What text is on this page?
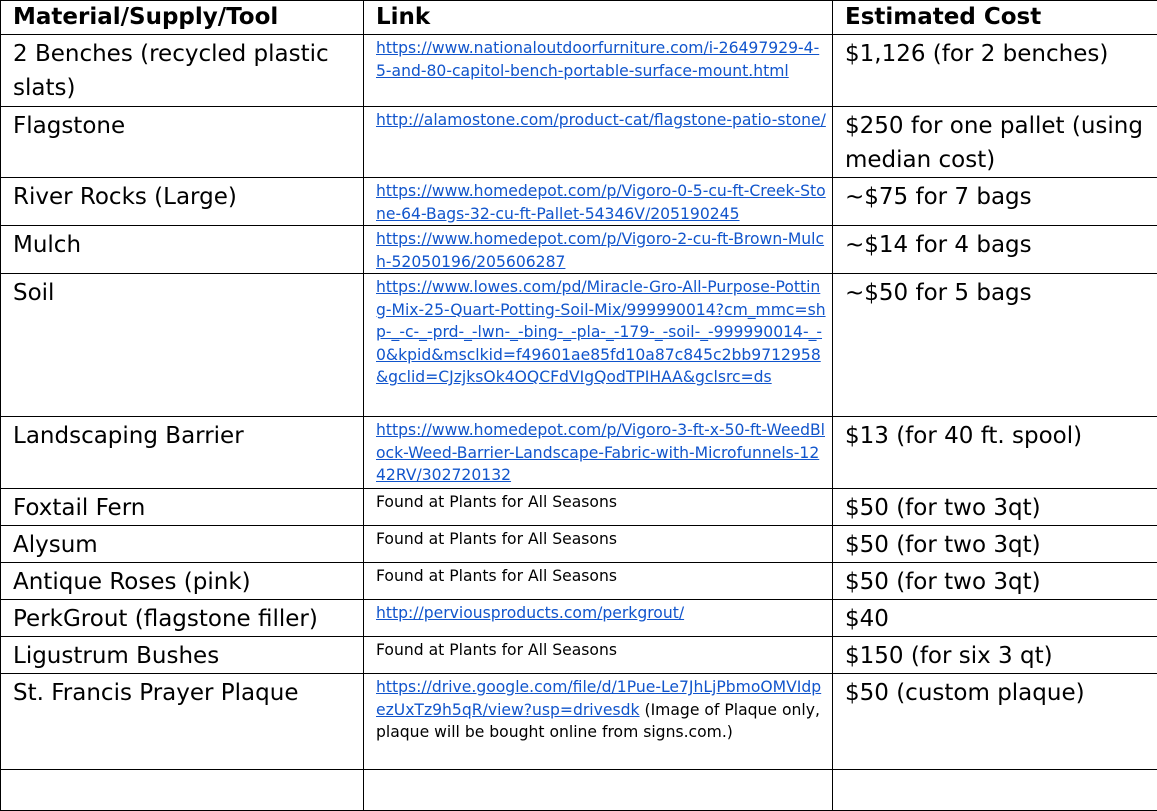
Material/Supply/Tool	Link	Estimated Cost
2 Benches (recycled plastic slats)	https://www.nationaloutdoorfurniture.com/i-26497929-4-5-and-80-capitol-bench-portable-surface-mount.html	$1,126 (for 2 benches)
Flagstone	http://alamostone.com/product-cat/flagstone-patio-stone/	$250 for one pallet (using median cost)
River Rocks (Large)	https://www.homedepot.com/p/Vigoro-0-5-cu-ft-Creek-Stone-64-Bags-32-cu-ft-Pallet-54346V/205190245	~$75 for 7 bags
Mulch	https://www.homedepot.com/p/Vigoro-2-cu-ft-Brown-Mulch-52050196/205606287	~$14 for 4 bags
Soil	https://www.lowes.com/pd/Miracle-Gro-All-Purpose-Potting-Mix-25-Quart-Potting-Soil-Mix/999990014?cm_mmc=shp-_-c-_-prd-_-lwn-_-bing-_-pla-_-179-_-soil-_-999990014-_-0&kpid&msclkid=f49601ae85fd10a87c845c2bb9712958&gclid=CJzjksOk4OQCFdVIgQodTPIHAA&gclsrc=ds	~$50 for 5 bags
Landscaping Barrier	https://www.homedepot.com/p/Vigoro-3-ft-x-50-ft-WeedBlock-Weed-Barrier-Landscape-Fabric-with-Microfunnels-1242RV/302720132	$13 (for 40 ft. spool)
Foxtail Fern	Found at Plants for All Seasons	$50 (for two 3qt)
Alysum	Found at Plants for All Seasons	$50 (for two 3qt)
Antique Roses (pink)	Found at Plants for All Seasons	$50 (for two 3qt)
PerkGrout (flagstone filler)	http://perviousproducts.com/perkgrout/	$40
Ligustrum Bushes	Found at Plants for All Seasons	$150 (for six 3 qt)
St. Francis Prayer Plaque	https://drive.google.com/file/d/1Pue-Le7JhLjPbmoOMVIdpezUxTz9h5qR/view?usp=drivesdk (Image of Plaque only, plaque will be bought online from signs.com.)	$50 (custom plaque)
